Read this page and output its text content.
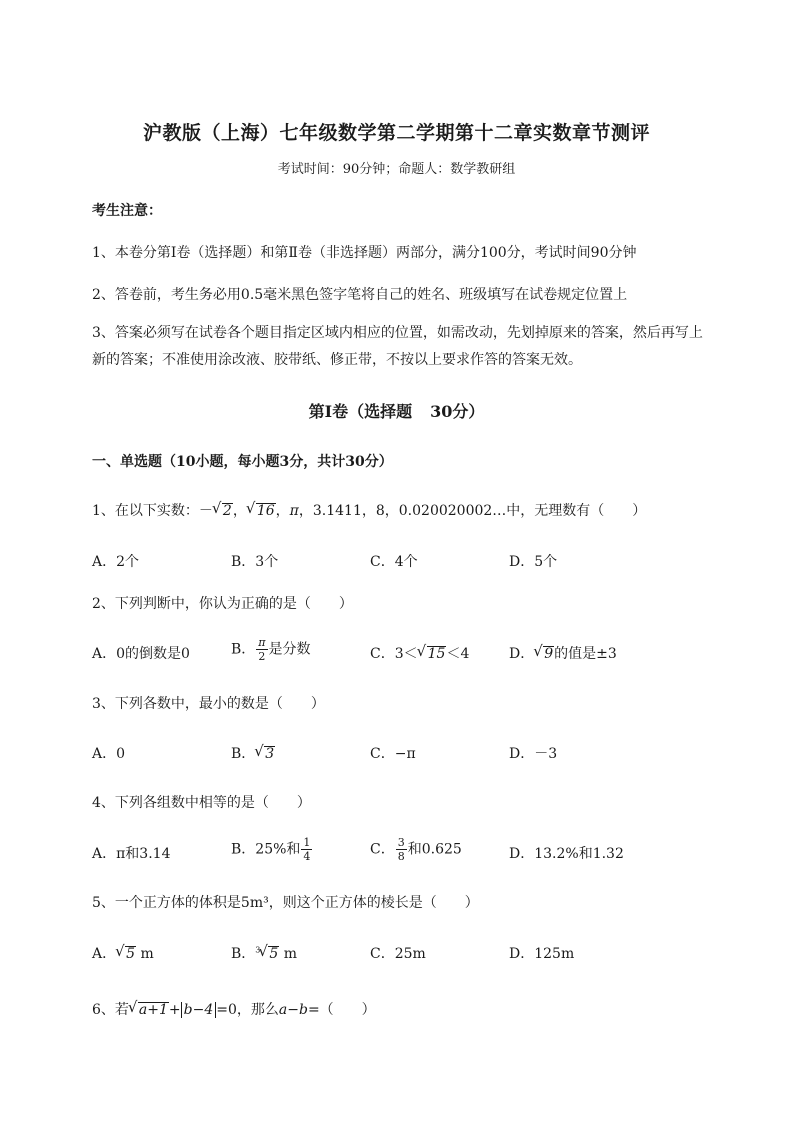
沪教版（上海）七年级数学第二学期第十二章实数章节测评
考试时间：90分钟；命题人：数学教研组
考生注意：
1、本卷分第I卷（选择题）和第Ⅱ卷（非选择题）两部分，满分100分，考试时间90分钟
2、答卷前，考生务必用0.5毫米黑色签字笔将自己的姓名、班级填写在试卷规定位置上
3、答案必须写在试卷各个题目指定区域内相应的位置，如需改动，先划掉原来的答案，然后再写上新的答案；不准使用涂改液、胶带纸、修正带，不按以上要求作答的答案无效。
第I卷（选择题 30分）
一、单选题（10小题，每小题3分，共计30分）
1、在以下实数：－ √ 2， √ 16，π，3.1411，8，0.020020002…中，无理数有（　　）
A．2个	B．3个	C．4个	D．5个
2、下列判断中，你认为正确的是（　　）
A．0的倒数是0	B． $\frac{\pi}{2}$ 是分数	C．3＜ √ 15＜4	D． √ 9的值是±3
3、下列各数中，最小的数是（　　）
A．0	B． √ 3	C．−π	D．－3
4、下列各组数中相等的是（　　）
A．π和3.14	B．25%和 $\frac{1}{4}$	C． $\frac{3}{8}$ 和0.625	D．13.2%和1.32
5、一个正方体的体积是5m³，则这个正方体的棱长是（　　）
A． √ 5 m	B．$^3$ √ 5 m	C．25m	D．125m
6、若 √ a+1+ b−4 =0，那么a−b=（　　）
